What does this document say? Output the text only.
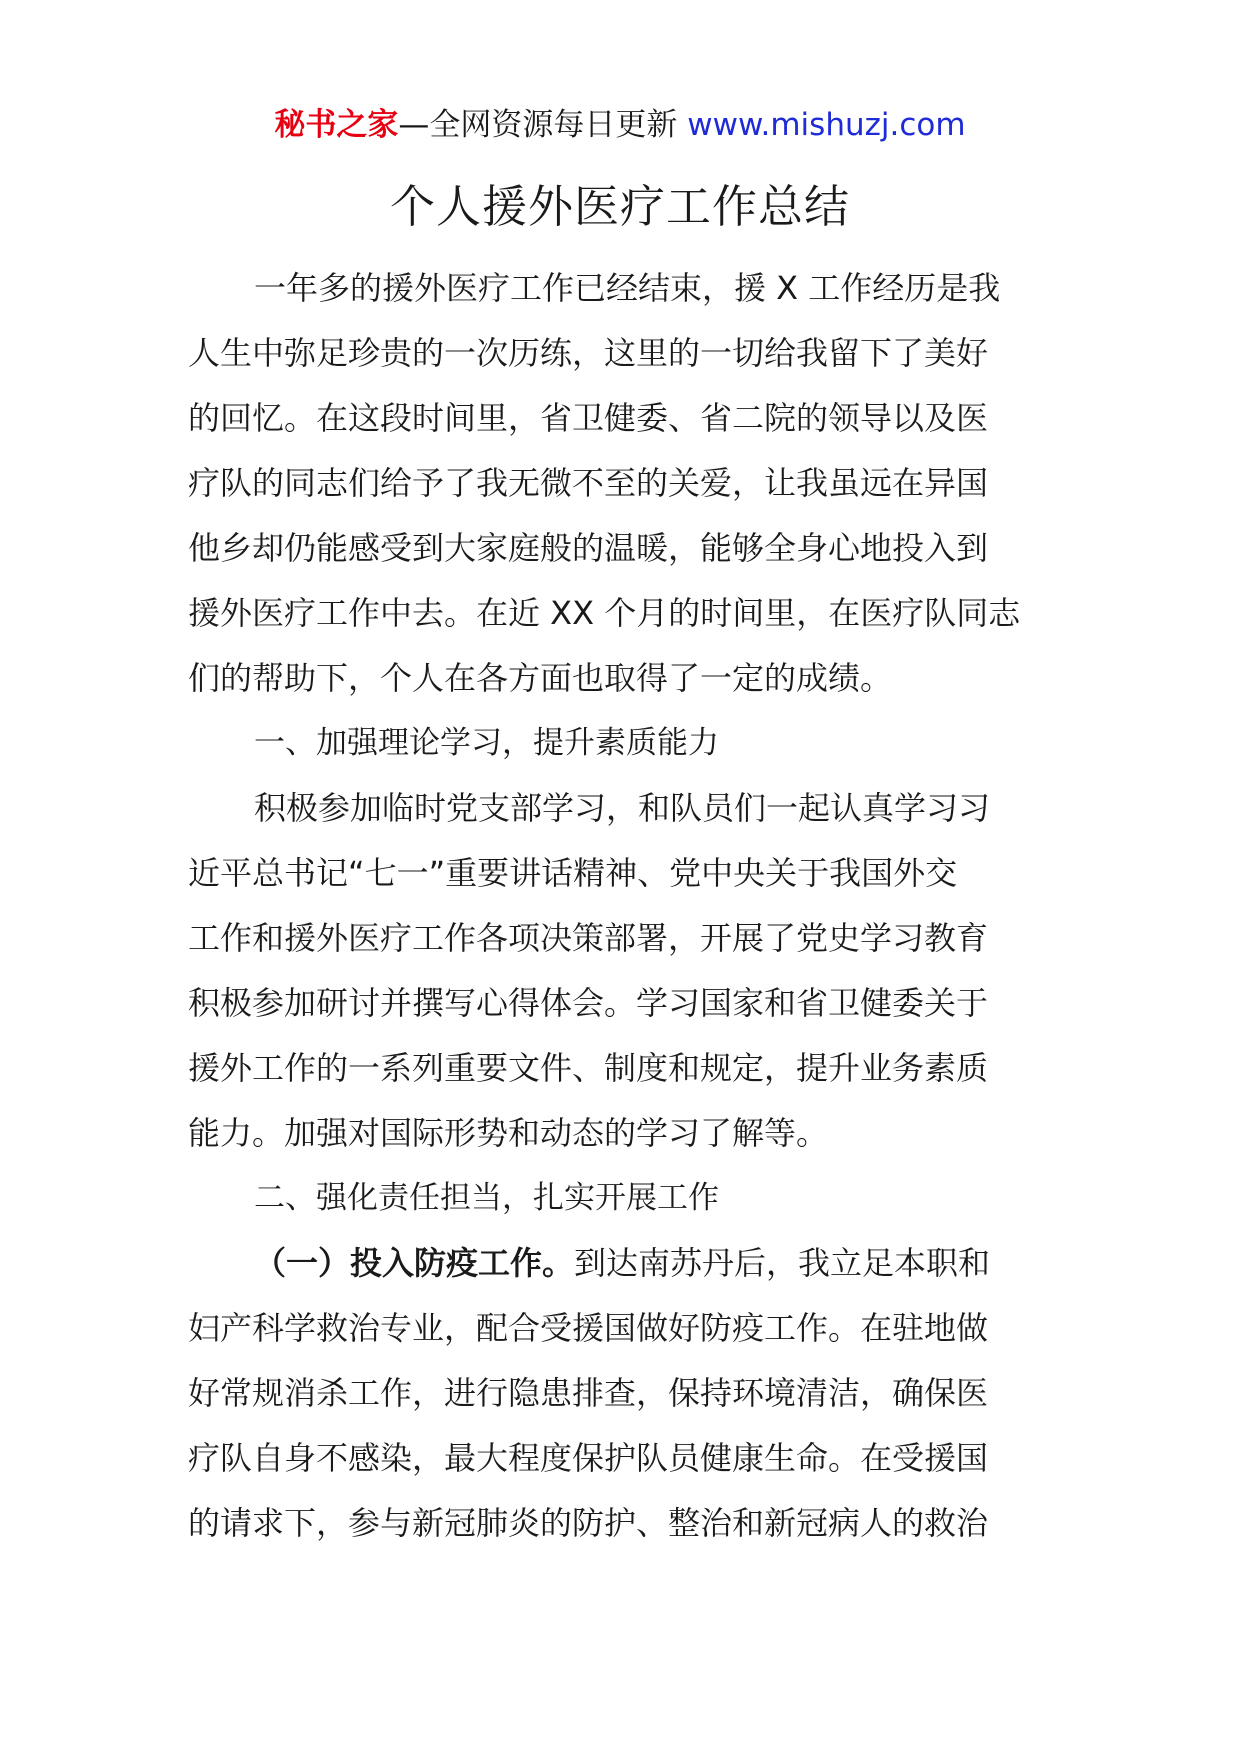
秘书之家—全网资源每日更新 www.mishuzj.com
个人援外医疗工作总结
一年多的援外医疗工作已经结束，援 X 工作经历是我
人生中弥足珍贵的一次历练，这里的一切给我留下了美好
的回忆。在这段时间里，省卫健委、省二院的领导以及医
疗队的同志们给予了我无微不至的关爱，让我虽远在异国
他乡却仍能感受到大家庭般的温暖，能够全身心地投入到
援外医疗工作中去。在近 XX 个月的时间里，在医疗队同志
们的帮助下，个人在各方面也取得了一定的成绩。
一、加强理论学习，提升素质能力
积极参加临时党支部学习，和队员们一起认真学习习
近平总书记“七一”重要讲话精神、党中央关于我国外交
工作和援外医疗工作各项决策部署，开展了党史学习教育
积极参加研讨并撰写心得体会。学习国家和省卫健委关于
援外工作的一系列重要文件、制度和规定，提升业务素质
能力。加强对国际形势和动态的学习了解等。
二、强化责任担当，扎实开展工作
（一）投入防疫工作。到达南苏丹后，我立足本职和
妇产科学救治专业，配合受援国做好防疫工作。在驻地做
好常规消杀工作，进行隐患排查，保持环境清洁，确保医
疗队自身不感染，最大程度保护队员健康生命。在受援国
的请求下，参与新冠肺炎的防护、整治和新冠病人的救治
